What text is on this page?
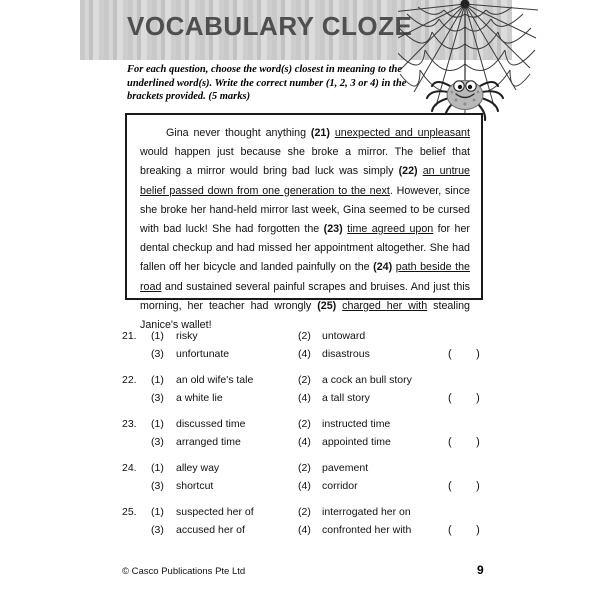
VOCABULARY CLOZE
For each question, choose the word(s) closest in meaning to the underlined word(s). Write the correct number (1, 2, 3 or 4) in the brackets provided. (5 marks)
Gina never thought anything (21) unexpected and unpleasant would happen just because she broke a mirror. The belief that breaking a mirror would bring bad luck was simply (22) an untrue belief passed down from one generation to the next. However, since she broke her hand-held mirror last week, Gina seemed to be cursed with bad luck! She had forgotten the (23) time agreed upon for her dental checkup and had missed her appointment altogether. She had fallen off her bicycle and landed painfully on the (24) path beside the road and sustained several painful scrapes and bruises. And just this morning, her teacher had wrongly (25) charged her with stealing Janice's wallet!
21. (1) risky	(2) untoward
(3) unfortunate	(4) disastrous	(        )
22. (1) an old wife's tale	(2) a cock an bull story
(3) a white lie	(4) a tall story	(        )
23. (1) discussed time	(2) instructed time
(3) arranged time	(4) appointed time	(        )
24. (1) alley way	(2) pavement
(3) shortcut	(4) corridor	(        )
25. (1) suspected her of	(2) interrogated her on
(3) accused her of	(4) confronted her with	(        )
© Casco Publications Pte Ltd	9
